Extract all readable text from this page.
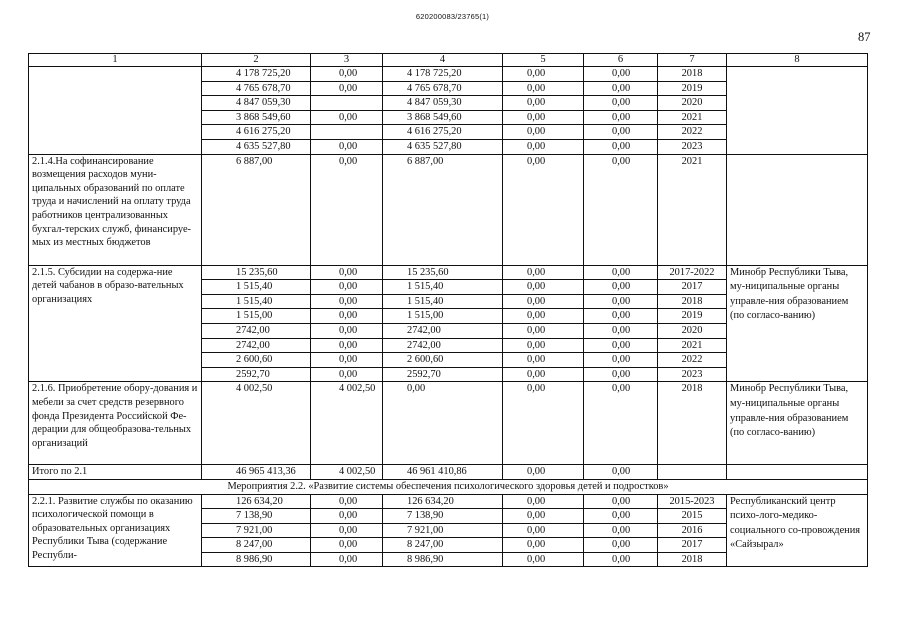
620200083/23765(1)
87
1	2	3	4	5	6	7	8
	4 178 725,20	0,00	4 178 725,20	0,00	0,00	2018	
	4 765 678,70	0,00	4 765 678,70	0,00	0,00	2019	
	4 847 059,30		4 847 059,30	0,00	0,00	2020	
	3 868 549,60	0,00	3 868 549,60	0,00	0,00	2021	
	4 616 275,20		4 616 275,20	0,00	0,00	2022	
	4 635 527,80	0,00	4 635 527,80	0,00	0,00	2023	
2.1.4.На софинансирование возмещения расходов муни-ципальных образований по оплате труда и начислений на оплату труда работников централизованных бухгал-терских служб, финансируе-мых из местных бюджетов	6 887,00	0,00	6 887,00	0,00	0,00	2021	
2.1.5. Субсидии на содержа-ние детей чабанов в образо-вательных организациях	15 235,60	0,00	15 235,60	0,00	0,00	2017-2022	Минобр Республики Тыва, му-ниципальные органы управле-ния образованием (по согласо-ванию)
	1 515,40	0,00	1 515,40	0,00	0,00	2017	
	1 515,40	0,00	1 515,40	0,00	0,00	2018	
	1 515,00	0,00	1 515,00	0,00	0,00	2019	
	2742,00	0,00	2742,00	0,00	0,00	2020	
	2742,00	0,00	2742,00	0,00	0,00	2021	
	2 600,60	0,00	2 600,60	0,00	0,00	2022	
	2592,70	0,00	2592,70	0,00	0,00	2023	
2.1.6. Приобретение обору-дования и мебели за счет средств резервного фонда Президента Российской Фе-дерации для общеобразова-тельных организаций	4 002,50	4 002,50	0,00	0,00	0,00	2018	Минобр Республики Тыва, му-ниципальные органы управле-ния образованием (по согласо-ванию)
Итого по 2.1	46 965 413,36	4 002,50	46 961 410,86	0,00	0,00		
Мероприятия 2.2. «Развитие системы обеспечения психологического здоровья детей и подростков»							
2.2.1. Развитие службы по оказанию психологической помощи в образовательных организациях Республики Тыва (содержание Республи-	126 634,20	0,00	126 634,20	0,00	0,00	2015-2023	Республиканский центр психо-лого-медико-социального со-провождения «Сайзырал»
	7 138,90	0,00	7 138,90	0,00	0,00	2015	
	7 921,00	0,00	7 921,00	0,00	0,00	2016	
	8 247,00	0,00	8 247,00	0,00	0,00	2017	
	8 986,90	0,00	8 986,90	0,00	0,00	2018	
